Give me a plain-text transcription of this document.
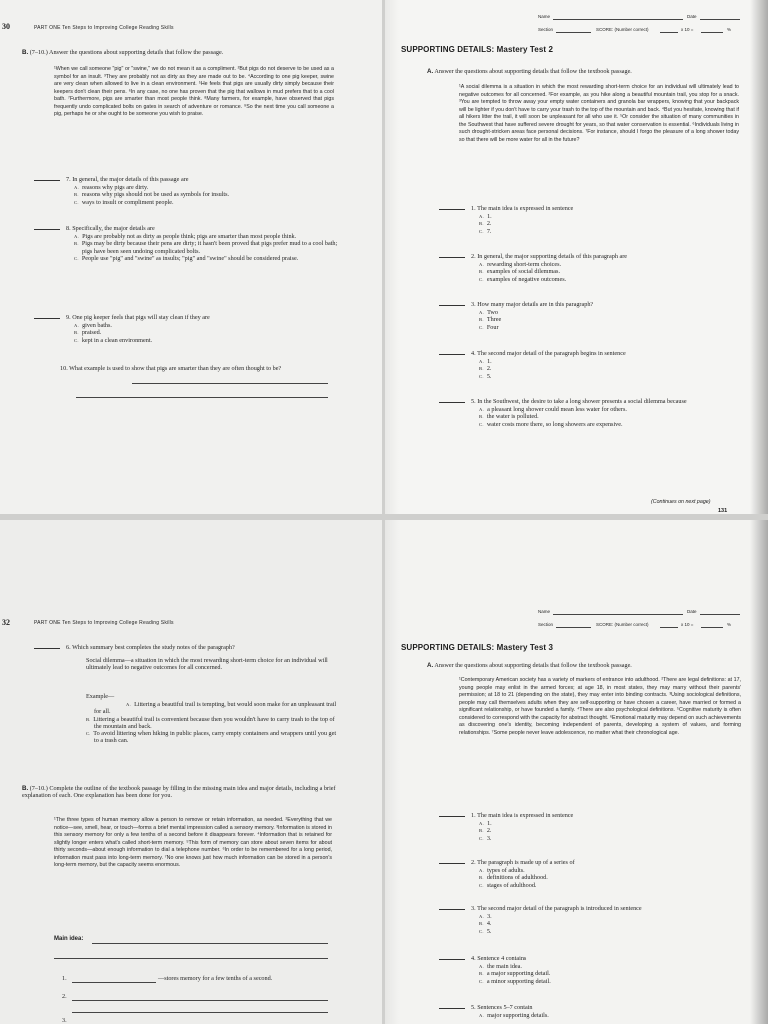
30	PART ONE Ten Steps to Improving College Reading Skills
B. (7–10.) Answer the questions about supporting details that follow the passage.
¹When we call someone "pig" or "swine," we do not mean it as a compliment. ²But pigs do not deserve to be used as a symbol for an insult. ³They are probably not as dirty as they are made out to be. ⁴According to one pig keeper, swine are very clean when allowed to live in a clean environment. ⁵He feels that pigs are usually dirty simply because their keepers don't clean their pens. ⁶In any case, no one has proven that the pig that wallows in mud prefers that to a cool bath. ⁷Furthermore, pigs are smarter than most people think. ⁸Many farmers, for example, have observed that pigs frequently undo complicated bolts on gates in search of adventure or romance. ⁹So the next time you call someone a pig, perhaps he or she ought to be someone you wish to praise.
7. In general, the major details of this passage are
A. reasons why pigs are dirty.
B. reasons why pigs should not be used as symbols for insults.
C. ways to insult or compliment people.
8. Specifically, the major details are
A. Pigs are probably not as dirty as people think; pigs are smarter than most people think.
B. Pigs may be dirty because their pens are dirty; it hasn't been proved that pigs prefer mud to a cool bath; pigs have been seen undoing complicated bolts.
C. People use "pig" and "swine" as insults; "pig" and "swine" should be considered praise.
9. One pig keeper feels that pigs will stay clean if they are
A. given baths.
B. praised.
C. kept in a clean environment.
10. What example is used to show that pigs are smarter than they are often thought to be?
Name	Date
Section	SCORE: (Number correct)	x 10 =	%
SUPPORTING DETAILS: Mastery Test 2
A. Answer the questions about supporting details that follow the textbook passage.
¹A social dilemma is a situation in which the most rewarding short-term choice for an individual will ultimately lead to negative outcomes for all concerned. ²For example, as you hike along a beautiful mountain trail, you stop for a snack. ³You are tempted to throw away your empty water containers and granola bar wrappers, knowing that your backpack will be lighter if you don't have to carry your trash to the top of the mountain and back. ⁴But you hesitate, knowing that if all hikers litter the trail, it will soon be unpleasant for all who use it. ⁵Or consider the situation of many communities in the Southwest that have suffered severe drought for years, so that water conservation is essential. ⁶Individuals living in such drought-stricken areas face personal decisions. ⁷For instance, should I forgo the pleasure of a long shower today so that there will be more water for all in the future?
1. The main idea is expressed in sentence
A. 1.
B. 2.
C. 7.
2. In general, the major supporting details of this paragraph are
A. rewarding short-term choices.
B. examples of social dilemmas.
C. examples of negative outcomes.
3. How many major details are in this paragraph?
A. Two
B. Three
C. Four
4. The second major detail of the paragraph begins in sentence
A. 1.
B. 2.
C. 5.
5. In the Southwest, the desire to take a long shower presents a social dilemma because
A. a pleasant long shower could mean less water for others.
B. the water is polluted.
C. water costs more there, so long showers are expensive.
(Continues on next page)
131
32	PART ONE Ten Steps to Improving College Reading Skills
6. Which summary best completes the study notes of the paragraph?
Social dilemma—a situation in which the most rewarding short-term choice for an individual will ultimately lead to negative outcomes for all concerned.
Example—
A. Littering a beautiful trail is tempting, but would soon make for an unpleasant trail for all.
B. Littering a beautiful trail is convenient because then you wouldn't have to carry trash to the top of the mountain and back.
C. To avoid littering when hiking in public places, carry empty containers and wrappers until you get to a trash can.
B. (7–10.) Complete the outline of the textbook passage by filling in the missing main idea and major details, including a brief explanation of each. One explanation has been done for you.
¹The three types of human memory allow a person to remove or retain information, as needed. ²Everything that we notice—see, smell, hear, or touch—forms a brief mental impression called a sensory memory. ³Information is stored in this sensory memory for only a few tenths of a second before it disappears forever. ⁴Information that is retained for slightly longer enters what's called short-term memory. ⁵This form of memory can store about seven items for about thirty seconds—about enough information to dial a telephone number. ⁶In order to be remembered for a long period, information must pass into long-term memory. ⁷No one knows just how much information can be stored in a person's long-term memory, but the capacity seems enormous.
Main idea:
1.	—stores memory for a few tenths of a second.
2.
3.
Name	Date
Section	SCORE: (Number correct)	x 10 =	%
SUPPORTING DETAILS: Mastery Test 3
A. Answer the questions about supporting details that follow the textbook passage.
¹Contemporary American society has a variety of markers of entrance into adulthood. ²There are legal definitions: at 17, young people may enlist in the armed forces; at age 18, in most states, they may marry without their parents' permission; at 18 to 21 (depending on the state), they may enter into binding contracts. ³Using sociological definitions, people may call themselves adults when they are self-supporting or have chosen a career, have married or formed a significant relationship, or have founded a family. ⁴There are also psychological definitions. ⁵Cognitive maturity is often considered to correspond with the capacity for abstract thought. ⁶Emotional maturity may depend on such achievements as discovering one's identity, becoming independent of parents, developing a system of values, and forming relationships. ⁷Some people never leave adolescence, no matter what their chronological age.
1. The main idea is expressed in sentence
A. 1.
B. 2.
C. 3.
2. The paragraph is made up of a series of
A. types of adults.
B. definitions of adulthood.
C. stages of adulthood.
3. The second major detail of the paragraph is introduced in sentence
A. 3.
B. 4.
C. 5.
4. Sentence 4 contains
A. the main idea.
B. a major supporting detail.
C. a minor supporting detail.
5. Sentences 5–7 contain
A. major supporting details.
